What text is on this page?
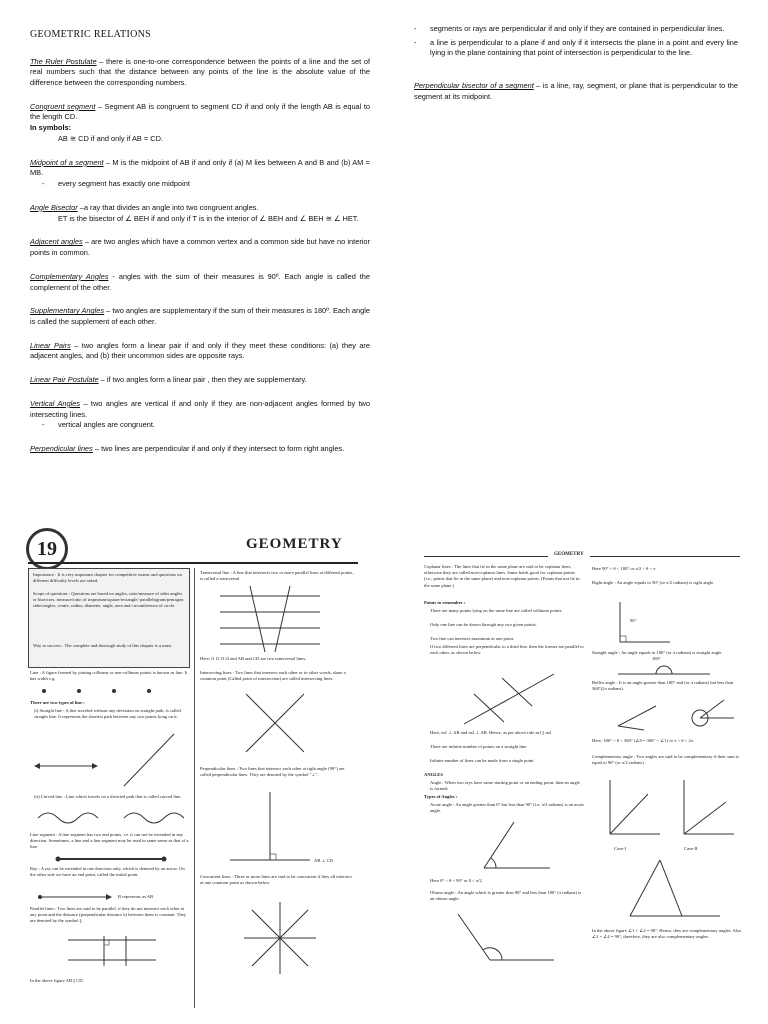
GEOMETRIC RELATIONS
The Ruler Postulate – there is one-to-one correspondence between the points of a line and the set of real numbers such that the distance between any points of the line is the absolute value of the difference between the corresponding numbers.
Congruent segment – Segment AB is congruent to segment CD if and only if the length AB is equal to the length CD.
In symbols:
AB ≅ CD if and only if AB = CD.
Midpoint of a segment – M is the midpoint of AB if and only if (a) M lies between A and B and (b) AM = MB.
- every segment has exactly one midpoint
Angle Bisector –a ray that divides an angle into two congruent angles.
ET is the bisector of ∠ BEH if and only if T is in the interior of ∠ BEH and ∠ BEH ≅ ∠ HET.
Adjacent angles – are two angles which have a common vertex and a common side but have no interior points in common.
Complementary Angles - angles with the sum of their measures is 90º. Each angle is called the complement of the other.
Supplementary Angles – two angles are supplementary if the sum of their measures is 180º. Each angle is called the supplement of each other.
Linear Pairs – two angles form a linear pair if and only if they meet these conditions: (a) they are adjacent angles, and (b) their uncommon sides are opposite rays.
Linear Pair Postulate – if two angles form a linear pair , then they are supplementary.
Vertical Angles – two angles are vertical if and only if they are non-adjacent angles formed by two intersecting lines.
- vertical angles are congruent.
Perpendicular lines – two lines are perpendicular if and only if they intersect to form right angles.
- segments or rays are perpendicular if and only if they are contained in perpendicular lines.
- a line is perpendicular to a plane if and only if it intersects the plane in a point and every line lying in the plane containing that point of intersection is perpendicular to the line.
Perpendicular bisector of a segment – is a line, ray, segment, or plane that is perpendicular to the segment at its midpoint.
19	GEOMETRY
Importance : It is very important chapter for competitive exams and questions on different difficulty levels are asked.
Scope of questions : Questions are based on angles, ratio/measure of sides angles or bisectors, measure/ratio of trapezium/square/rectangle/ parallelogram/pentagon sides/angles, centre, radius, diameter, angle, area and circumference of circle.
Way to success : The complete and thorough study of this chapter is a must.
Line : A figure formed by joining collinear or non-collinear points is known as line. It has width e.g.
There are two types of line :
(i) Straight line : A line traveled without any deviation on straight path, is called straight line. It represents the shortest path between any two points lying on it.
(ii) Curved line : Line which travels on a diverted path that is called curved line.
Line segment : A line segment has two end points, i.e. it can not be extended in any direction. Sometimes, a line and a line segment may be used in same sense as that of a line.
Ray : A ray can be extended in one direction only, which is denoted by an arrow. On the other side we have an end point, called the initial point.
B represents as AB
Parallel lines : Two lines are said to be parallel, if they do not intersect each other at any point and the distance (perpendicular distance b) between them is constant. They are denoted by the symbol ||.
In the above figure AB || CD.
Transversal line : A line that intersects two or more parallel lines at different points, is called a transversal.
Here, l1 l2 l3 l4 and AB and CD are two transversal lines.
Intersecting lines : Two lines that intersect each other or in other words, share a common point (Called point of intersection) are called intersecting lines.
Perpendicular lines : Two lines that intersect each other at right angle (90°) are called perpendicular lines. They are denoted by the symbol "⊥".
AB ⊥ CD
Concurrent lines : Three or more lines are said to be concurrent if they all intersect at one common point as shown below.
GEOMETRY
Coplanar lines : The lines that lie in the same plane are said to be coplanar lines, otherwise they are called non-coplanar lines. Same holds good for coplanar points (i.e., points that lie in the same plane) and non-coplanar points. (Points that not lie in the same plane.)
Points to remember :
There are many points lying on the same line are called collinear points.
Only one line can be drawn through any two given points.
Two line can intersect maximum at one point.
If two different lines are perpendicular to a third line, then the former are parallel to each other, as shown below.
Here, m1 ⊥ AB and m2 ⊥ AB. Hence, as per above rule m1 || m2
There are infinite number of points on a straight line.
Infinite number of lines can be made from a single point
ANGLES
Angle : When two rays have same starting point or an ending point, then an angle is formed.
Types of Angles :
Acute angle : An angle greater than 0° but less than 90° (i.e. π/2 radians) is an acute angle.
Here 0° < θ < 90° or 0 < π/2
Obtuse angle : An angle which is greater than 90° and less than 180° (π radians) is an obtuse angle.
Here 90° < θ < 180° or π/2 < θ < π
Right angle : An angle equals to 90° (or π/2 radians) is right angle.
90°
Straight angle : An angle equals to 180° (or π radians) is straight angle.
180°
Reflex angle : It is an angle greater than 180° and (or π radians) but less than 360°(2π radians).
Here, 180° < θ < 360° (∠θ = 360° − ∠1) or π < θ < 2π
Complementary angle : Two angles are said to be complementary if their sum is equal to 90° (or π/2 radians)
Case-I	Case-II
In the above figure ∠1 + ∠2 = 90°. Hence, they are complementary angles. Also ∠3 + ∠4 = 90°, therefore, they are also complementary angles.
